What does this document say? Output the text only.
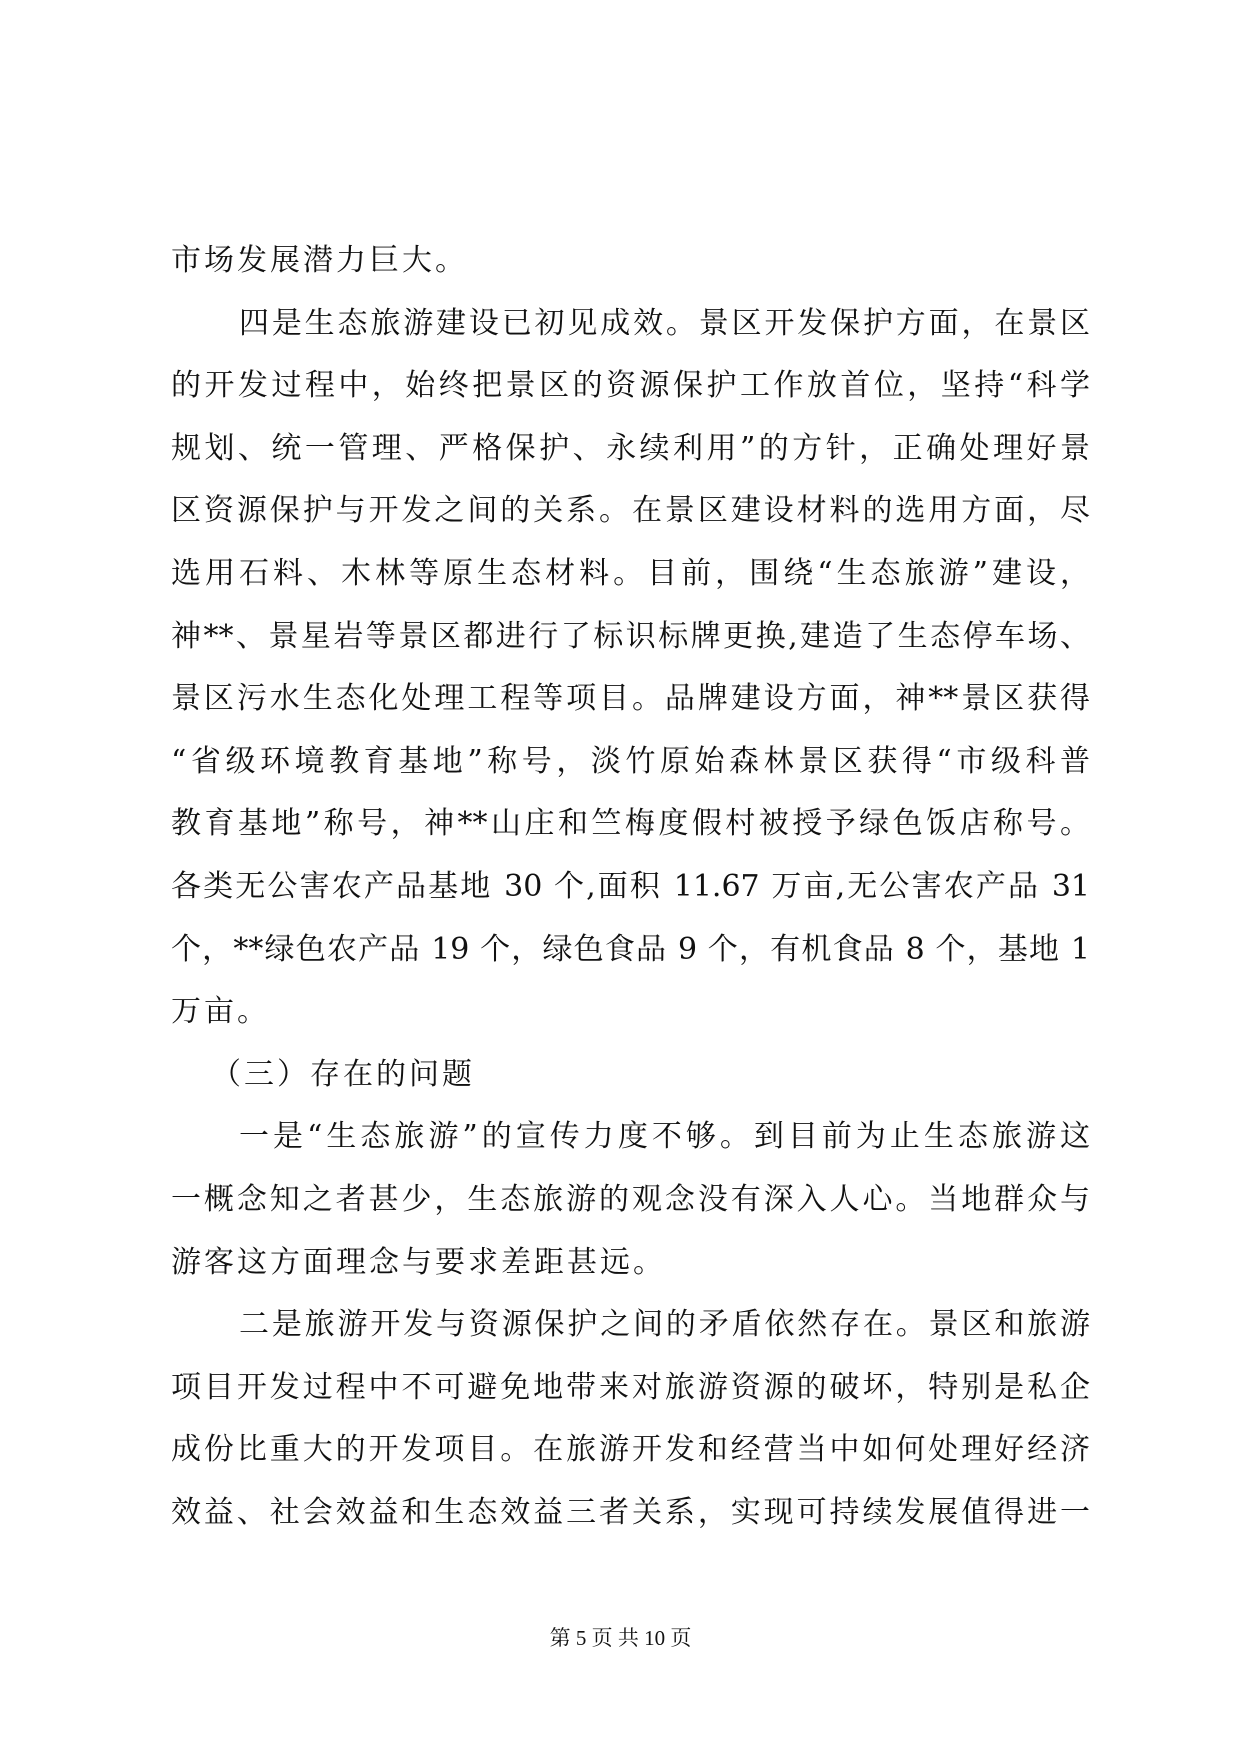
市场发展潜力巨大。
四是生态旅游建设已初见成效。景区开发保护方面，在景区
的开发过程中，始终把景区的资源保护工作放首位，坚持“科学
规划、统一管理、严格保护、永续利用”的方针，正确处理好景
区资源保护与开发之间的关系。在景区建设材料的选用方面，尽
选用石料、木林等原生态材料。目前，围绕“生态旅游”建设，
神**、景星岩等景区都进行了标识标牌更换,建造了生态停车场、
景区污水生态化处理工程等项目。品牌建设方面，神**景区获得
“省级环境教育基地”称号，淡竹原始森林景区获得“市级科普
教育基地”称号，神**山庄和竺梅度假村被授予绿色饭店称号。
各类无公害农产品基地 30 个,面积 11.67 万亩,无公害农产品 31
个，**绿色农产品 19 个，绿色食品 9 个，有机食品 8 个，基地 1
万亩。
（三）存在的问题
一是“生态旅游”的宣传力度不够。到目前为止生态旅游这
一概念知之者甚少，生态旅游的观念没有深入人心。当地群众与
游客这方面理念与要求差距甚远。
二是旅游开发与资源保护之间的矛盾依然存在。景区和旅游
项目开发过程中不可避免地带来对旅游资源的破坏，特别是私企
成份比重大的开发项目。在旅游开发和经营当中如何处理好经济
效益、社会效益和生态效益三者关系，实现可持续发展值得进一
第 5 页 共 10 页
